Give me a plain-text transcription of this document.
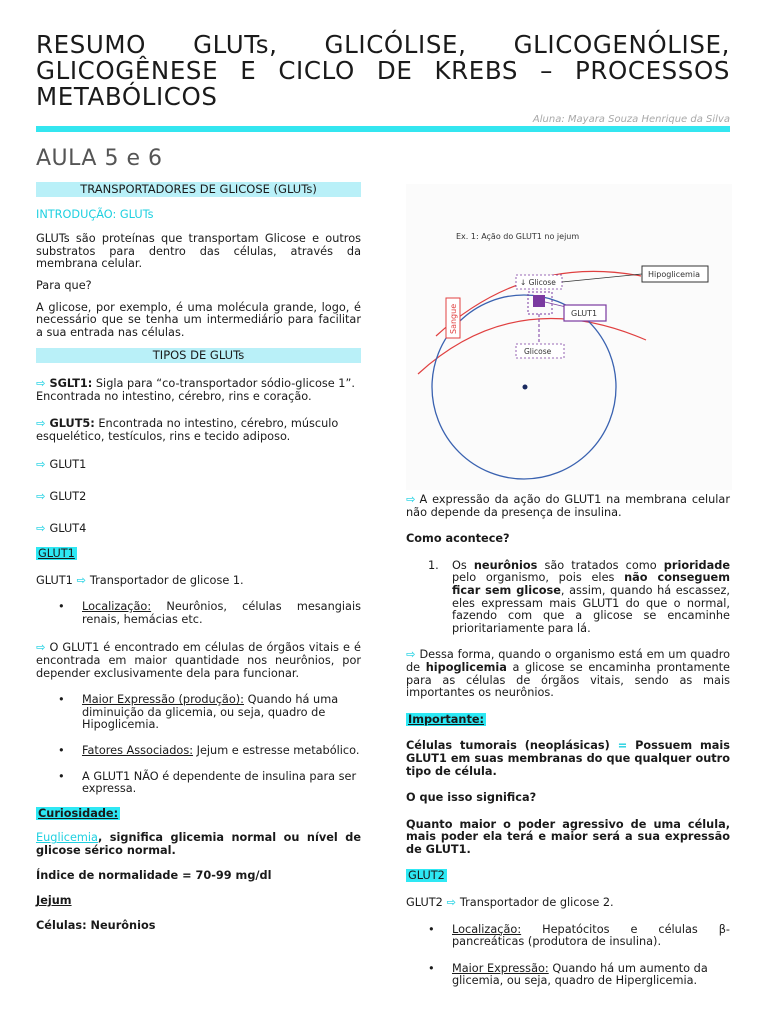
RESUMO GLUTs, GLICÓLISE, GLICOGENÓLISE,
GLICOGÊNESE E CICLO DE KREBS – PROCESSOS
METABÓLICOS
Aluna: Mayara Souza Henrique da Silva
AULA 5 e 6
TRANSPORTADORES DE GLICOSE (GLUTs)

INTRODUÇÃO: GLUTs

GLUTs são proteínas que transportam Glicose e outros substratos para dentro das células, através da membrana celular.

Para que?

A glicose, por exemplo, é uma molécula grande, logo, é necessário que se tenha um intermediário para facilitar a sua entrada nas células.

TIPOS DE GLUTs

⇨ SGLT1: Sigla para “co-transportador sódio-glicose 1”. Encontrada no intestino, cérebro, rins e coração.

⇨ GLUT5: Encontrada no intestino, cérebro, músculo esquelético, testículos, rins e tecido adiposo.

⇨ GLUT1

⇨ GLUT2

⇨ GLUT4

GLUT1

GLUT1 ⇨ Transportador de glicose 1.

•	Localização: Neurônios, células mesangiais renais, hemácias etc.

⇨ O GLUT1 é encontrado em células de órgãos vitais e é encontrada em maior quantidade nos neurônios, por depender exclusivamente dela para funcionar.

•	Maior Expressão (produção): Quando há uma diminuição da glicemia, ou seja, quadro de Hipoglicemia.
•	Fatores Associados: Jejum e estresse metabólico.
•	A GLUT1 NÃO é dependente de insulina para ser expressa.

Curiosidade:

Euglicemia, significa glicemia normal ou nível de glicose sérico normal.

Índice de normalidade = 70-99 mg/dl

Jejum

Células: Neurônios

Ex. 1: Ação do GLUT1 no jejum
Sangue
↓ Glicose
GLUT1
Glicose
Hipoglicemia

⇨ A expressão da ação do GLUT1 na membrana celular não depende da presença de insulina.

Como acontece?

1.	Os neurônios são tratados como prioridade pelo organismo, pois eles não conseguem ficar sem glicose, assim, quando há escassez, eles expressam mais GLUT1 do que o normal, fazendo com que a glicose se encaminhe prioritariamente para lá.

⇨ Dessa forma, quando o organismo está em um quadro de hipoglicemia a glicose se encaminha prontamente para as células de órgãos vitais, sendo as mais importantes os neurônios.

Importante:

Células tumorais (neoplásicas) = Possuem mais GLUT1 em suas membranas do que qualquer outro tipo de célula.

O que isso significa?

Quanto maior o poder agressivo de uma célula, mais poder ela terá e maior será a sua expressão de GLUT1.

GLUT2

GLUT2 ⇨ Transportador de glicose 2.

•	Localização: Hepatócitos e células β-pancreáticas (produtora de insulina).
•	Maior Expressão: Quando há um aumento da glicemia, ou seja, quadro de Hiperglicemia.
